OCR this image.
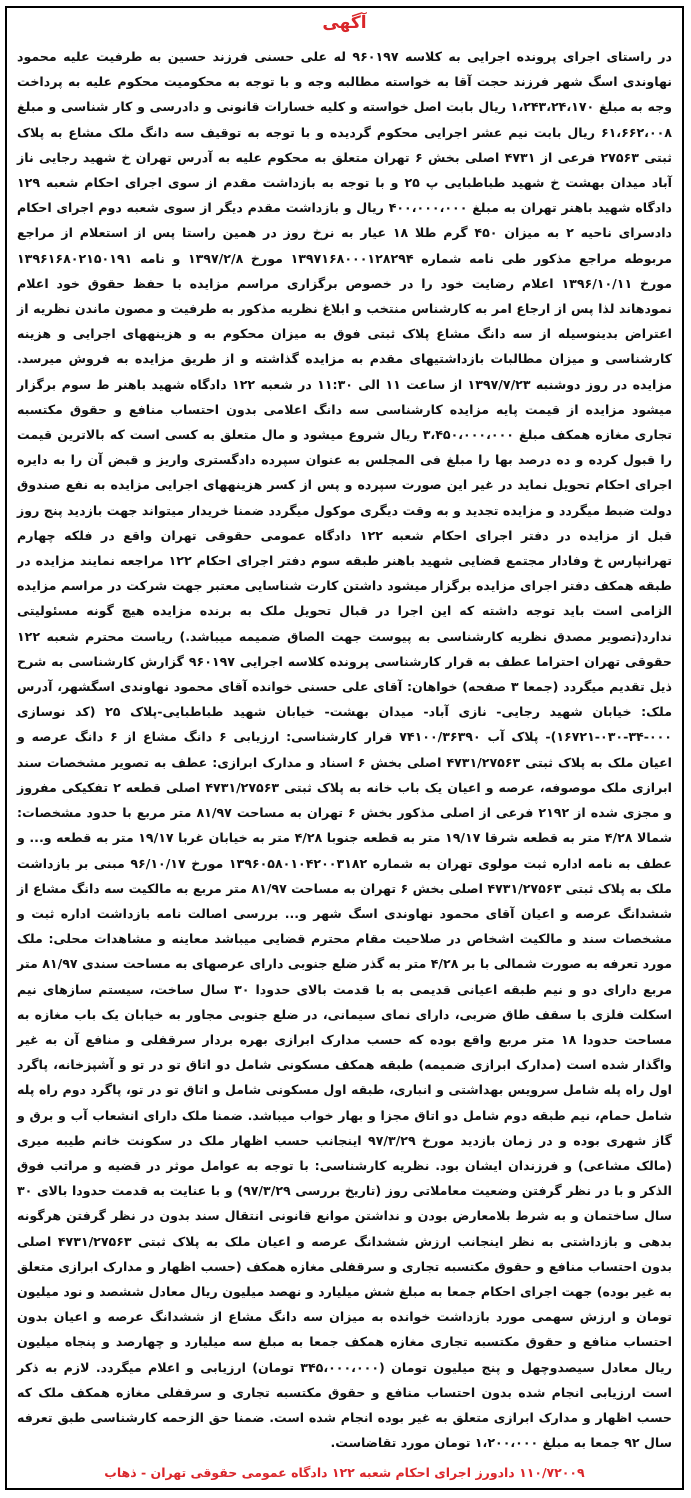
آگهی
در راستای اجرای پرونده اجرایی به کلاسه ۹۶۰۱۹۷ له علی حسنی فرزند حسین به طرفیت علیه محمود نهاوندی اسگ شهر فرزند حجت آقا به خواسته مطالبه وجه و با توجه به محکومیت محکوم علیه به پرداخت وجه به مبلغ ۱،۲۴۳،۲۴،۱۷۰ ریال بابت اصل خواسته و کلیه خسارات قانونی و دادرسی و کار شناسی و مبلغ ۶۱،۶۶۲،۰۰۸ ریال بابت نیم عشر اجرایی محکوم گردیده و با توجه به توقیف سه دانگ ملک مشاع به پلاک ثبتی ۲۷۵۶۳ فرعی از ۴۷۳۱ اصلی بخش ۶ تهران متعلق به محکوم علیه به آدرس تهران خ شهید رجایی ناز آباد میدان بهشت خ شهید طباطبایی پ ۲۵ و با توجه به بازداشت مقدم از سوی اجرای احکام شعبه ۱۲۹ دادگاه شهید باهنر تهران به مبلغ ۴۰۰،۰۰۰،۰۰۰ ریال و بازداشت مقدم دیگر از سوی شعبه دوم اجرای احکام دادسرای ناحیه ۲ به میزان ۴۵۰ گرم طلا ۱۸ عیار به نرخ روز در همین راستا پس از استعلام از مراجع مربوطه مراجع مذکور طی نامه شماره ۱۳۹۷۱۶۸۰۰۰۱۲۸۲۹۴ مورخ ۱۳۹۷/۲/۸ و نامه ۱۳۹۶۱۶۸۰۲۱۵۰۱۹۱ مورخ ۱۳۹۶/۱۰/۱۱ اعلام رضایت خود را در خصوص برگزاری مراسم مزایده با حفظ حقوق خود اعلام نمودهاند لذا پس از ارجاع امر به کارشناس منتخب و ابلاغ نظریه مذکور به طرفیت و مصون ماندن نظریه از اعتراض بدینوسیله از سه دانگ مشاع پلاک ثبتی فوق به میزان محکوم به و هزینههای اجرایی و هزینه کارشناسی و میزان مطالبات بازداشتیهای مقدم به مزایده گذاشته و از طریق مزایده به فروش میرسد. مزایده در روز دوشنبه ۱۳۹۷/۷/۲۳ از ساعت ۱۱ الی ۱۱:۳۰ در شعبه ۱۲۲ دادگاه شهید باهنر ط سوم برگزار میشود مزایده از قیمت پایه مزایده کارشناسی سه دانگ اعلامی بدون احتساب منافع و حقوق مکتسبه تجاری مغازه همکف مبلغ ۳،۴۵۰،۰۰۰،۰۰۰ ریال شروع میشود و مال متعلق به کسی است که بالاترین قیمت را قبول کرده و ده درصد بها را مبلغ فی المجلس به عنوان سپرده دادگستری واریز و قبض آن را به دایره اجرای احکام تحویل نماید در غیر این صورت سپرده و پس از کسر هزینههای اجرایی مزایده به نفع صندوق دولت ضبط میگردد و مزایده تجدید و به وقت دیگری موکول میگردد ضمنا خریدار میتواند جهت بازدید پنج روز قبل از مزایده در دفتر اجرای احکام شعبه ۱۲۲ دادگاه عمومی حقوقی تهران واقع در فلکه چهارم تهرانپارس خ وفادار مجتمع قضایی شهید باهنر طبقه سوم دفتر اجرای احکام ۱۲۲ مراجعه نمایند مزایده در طبقه همکف دفتر اجرای مزایده برگزار میشود داشتن کارت شناسایی معتبر جهت شرکت در مراسم مزایده الزامی است باید توجه داشته که این اجرا در قبال تحویل ملک به برنده مزایده هیچ گونه مسئولیتی ندارد(تصویر مصدق نظریه کارشناسی به پیوست جهت الصاق ضمیمه میباشد.) ریاست محترم شعبه ۱۲۲ حقوقی تهران احتراما عطف به قرار کارشناسی پرونده کلاسه اجرایی ۹۶۰۱۹۷ گزارش کارشناسی به شرح ذیل تقدیم میگردد (جمعا ۳ صفحه) خواهان: آقای علی حسنی خوانده آقای محمود نهاوندی اسگشهر، آدرس ملک: خیابان شهید رجایی- نازی آباد- میدان بهشت- خیابان شهید طباطبایی-پلاک ۲۵ (کد نوسازی ۰۰۰-۳۴-۰۳۰-۱۶۷۲۱)- پلاک آب ۷۴۱۰۰/۳۶۳۹۰ قرار کارشناسی: ارزیابی ۶ دانگ مشاع از ۶ دانگ عرصه و اعیان ملک به پلاک ثبتی ۴۷۳۱/۲۷۵۶۳ اصلی بخش ۶ اسناد و مدارک ابرازی: عطف به تصویر مشخصات سند ابرازی ملک موصوفه، عرصه و اعیان یک باب خانه به پلاک ثبتی ۴۷۳۱/۲۷۵۶۳ اصلی قطعه ۲ تفکیکی مفروز و مجزی شده از ۲۱۹۲ فرعی از اصلی مذکور بخش ۶ تهران به مساحت ۸۱/۹۷ متر مربع با حدود مشخصات: شمالا ۴/۲۸ متر به قطعه شرقا ۱۹/۱۷ متر به قطعه جنوبا ۴/۲۸ متر به خیابان غربا ۱۹/۱۷ متر به قطعه و... و عطف به نامه اداره ثبت مولوی تهران به شماره ۱۳۹۶۰۵۸۰۱۰۴۲۰۰۳۱۸۲ مورخ ۹۶/۱۰/۱۷ مبنی بر بازداشت ملک به پلاک ثبتی ۴۷۳۱/۲۷۵۶۳ اصلی بخش ۶ تهران به مساحت ۸۱/۹۷ متر مربع به مالکیت سه دانگ مشاع از ششدانگ عرصه و اعیان آقای محمود نهاوندی اسگ شهر و... بررسی اصالت نامه بازداشت اداره ثبت و مشخصات سند و مالکیت اشخاص در صلاحیت مقام محترم قضایی میباشد معاینه و مشاهدات محلی: ملک مورد تعرفه به صورت شمالی با بر ۴/۲۸ متر به گذر ضلع جنوبی دارای عرصهای به مساحت سندی ۸۱/۹۷ متر مربع دارای دو و نیم طبقه اعیانی قدیمی به با قدمت بالای حدودا ۳۰ سال ساخت، سیستم سازهای نیم اسکلت فلزی با سقف طاق ضربی، دارای نمای سیمانی، در ضلع جنوبی مجاور به خیابان یک باب مغازه به مساحت حدودا ۱۸ متر مربع واقع بوده که حسب مدارک ابرازی بهره بردار سرقفلی و منافع آن به غیر واگذار شده است (مدارک ابرازی ضمیمه) طبقه همکف مسکونی شامل دو اتاق تو در تو و آشپزخانه، پاگرد اول راه پله شامل سرویس بهداشتی و انباری، طبقه اول مسکونی شامل و اتاق تو در تو، پاگرد دوم راه پله شامل حمام، نیم طبقه دوم شامل دو اتاق مجزا و بهار خواب میباشد. ضمنا ملک دارای انشعاب آب و برق و گاز شهری بوده و در زمان بازدید مورخ ۹۷/۳/۲۹ اینجانب حسب اظهار ملک در سکونت خانم طیبه میری (مالک مشاعی) و فرزندان ایشان بود. نظریه کارشناسی: با توجه به عوامل موثر در قضیه و مراتب فوق الذکر و با در نظر گرفتن وضعیت معاملاتی روز (تاریخ بررسی ۹۷/۳/۲۹) و با عنایت به قدمت حدودا بالای ۳۰ سال ساختمان و به شرط بلامعارض بودن و نداشتن موانع قانونی انتقال سند بدون در نظر گرفتن هرگونه بدهی و بازداشتی به نظر اینجانب ارزش ششدانگ عرصه و اعیان ملک به پلاک ثبتی ۴۷۳۱/۲۷۵۶۳ اصلی بدون احتساب منافع و حقوق مکتسبه تجاری و سرقفلی مغازه همکف (حسب اظهار و مدارک ابرازی متعلق به غیر بوده) جهت اجرای احکام جمعا به مبلغ شش میلیارد و نهصد میلیون ریال معادل ششصد و نود میلیون تومان و ارزش سهمی مورد بازداشت خوانده به میزان سه دانگ مشاع از ششدانگ عرصه و اعیان بدون احتساب منافع و حقوق مکتسبه تجاری مغازه همکف جمعا به مبلغ سه میلیارد و چهارصد و پنجاه میلیون ریال معادل سیصدوچهل و پنج میلیون تومان (۳۴۵،۰۰۰،۰۰۰ تومان) ارزیابی و اعلام میگردد. لازم به ذکر است ارزیابی انجام شده بدون احتساب منافع و حقوق مکتسبه تجاری و سرقفلی مغازه همکف ملک که حسب اظهار و مدارک ابرازی متعلق به غیر بوده انجام شده است. ضمنا حق الزحمه کارشناسی طبق تعرفه سال ۹۲ جمعا به مبلغ ۱،۲۰۰،۰۰۰ تومان مورد تقاضاست.
۱۱۰/۷۲۰۰۹ دادورز اجرای احکام شعبه ۱۲۲ دادگاه عمومی حقوقی تهران - ذهاب
